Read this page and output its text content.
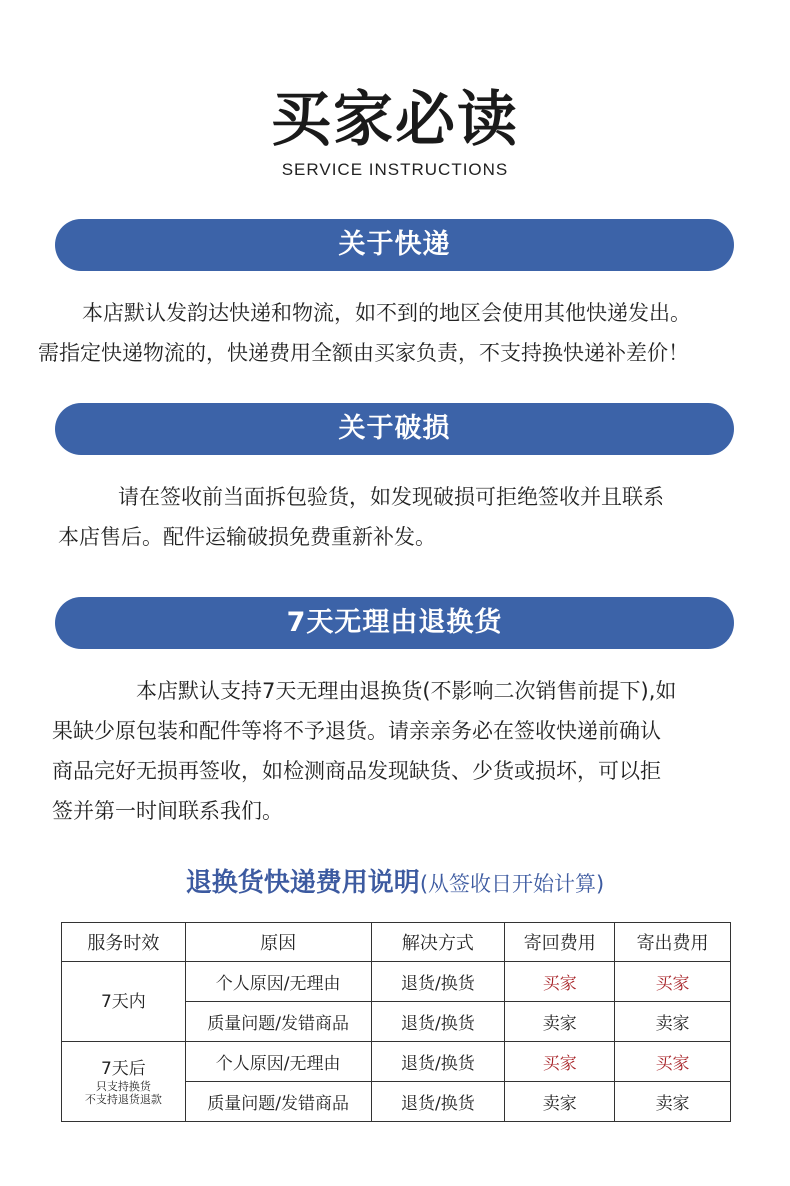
买家必读
SERVICE INSTRUCTIONS
关于快递

本店默认发韵达快递和物流，如不到的地区会使用其他快递发出。
需指定快递物流的，快递费用全额由买家负责，不支持换快递补差价！

关于破损

请在签收前当面拆包验货，如发现破损可拒绝签收并且联系
本店售后。配件运输破损免费重新补发。

7天无理由退换货

本店默认支持7天无理由退换货(不影响二次销售前提下),如
果缺少原包装和配件等将不予退货。请亲亲务必在签收快递前确认
商品完好无损再签收，如检测商品发现缺货、少货或损坏，可以拒
签并第一时间联系我们。

退换货快递费用说明(从签收日开始计算)
服务时效	原因	解决方式	寄回费用	寄出费用

7天内	个人原因/无理由	退货/换货	买家	买家
	质量问题/发错商品	退货/换货	卖家	卖家

7天后
只支持换货
不支持退货退款	个人原因/无理由	退货/换货	买家	买家
	质量问题/发错商品	退货/换货	卖家	卖家
